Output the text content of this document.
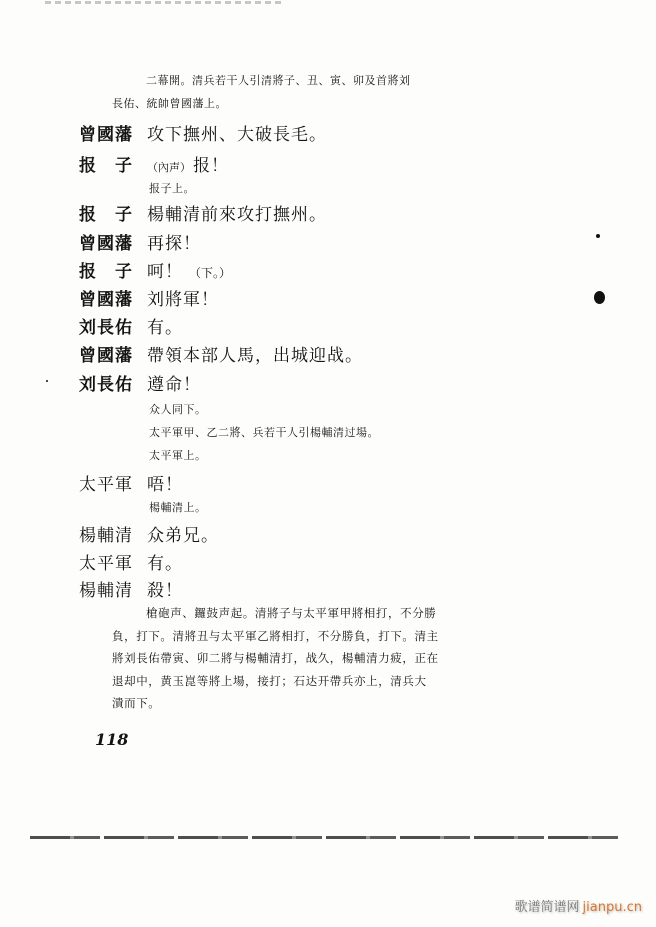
二幕開。清兵若干人引清將子、丑、寅、卯及首將刘
長佑、統帥曾國藩上。
曾國藩 攻下撫州、大破長毛。
报　子	（內声） 报！
报子上。
报　子 楊輔清前來攻打撫州。
曾國藩 再探！
报　子 呵！ （下。）
曾國藩 刘將軍！
刘長佑 有。
曾國藩 帶領本部人馬，出城迎战。
刘長佑 遵命！
众人同下。
太平軍甲、乙二將、兵若干人引楊輔清过場。
太平軍上。
太平軍 唔！
楊輔清上。
楊輔清 众弟兄。
太平軍 有。
楊輔清 殺！
槍砲声、鑼鼓声起。清將子与太平軍甲將相打，不分勝
負，打下。清將丑与太平軍乙將相打，不分勝負，打下。清主
將刘長佑帶寅、卯二將与楊輔清打，战久，楊輔清力疲，正在
退却中，黄玉崑等將上場，接打；石达开帶兵亦上，清兵大
潰而下。
118
歌谱简谱网 jianpu.cn
